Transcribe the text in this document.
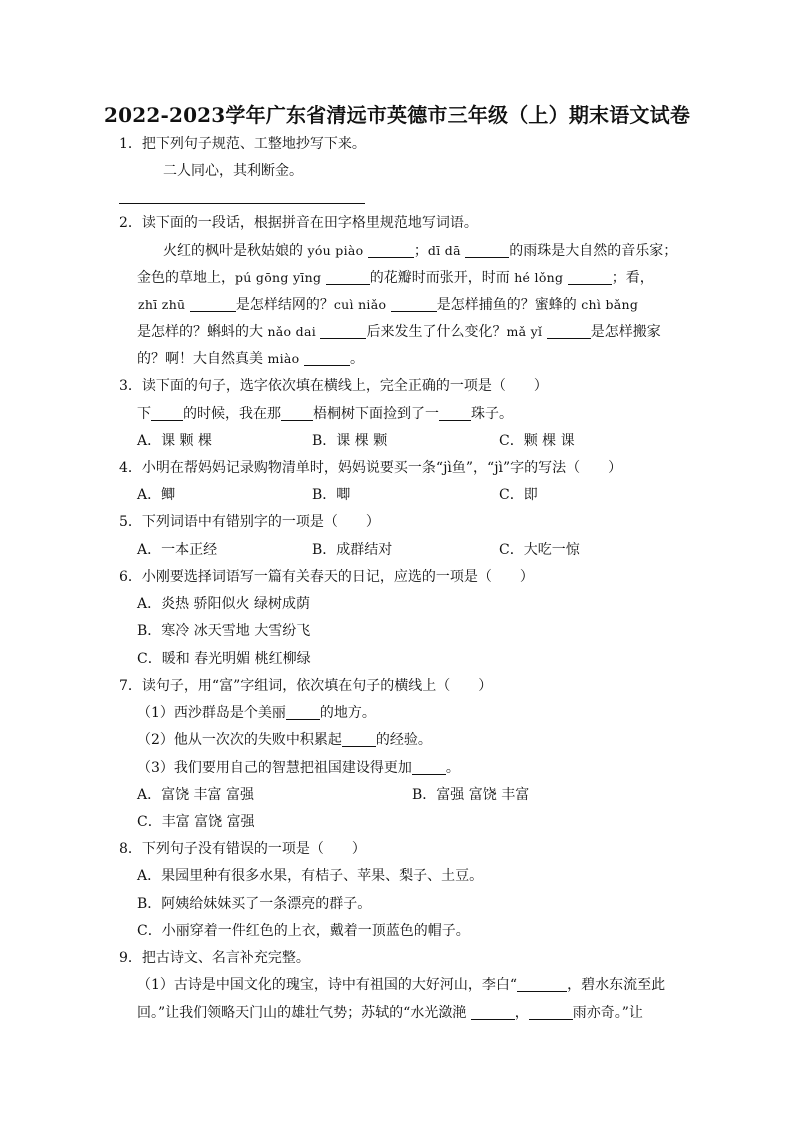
2022-2023学年广东省清远市英德市三年级（上）期末语文试卷
1．把下列句子规范、工整地抄写下来。
二人同心，其利断金。
2．读下面的一段话，根据拼音在田字格里规范地写词语。
火红的枫叶是秋姑娘的 yóu piào	；dī dā	的雨珠是大自然的音乐家；
金色的草地上，pú gōng yīng	的花瓣时而张开，时而 hé lǒng	；看，
zhī zhū	是怎样结网的？cuì niǎo	是怎样捕鱼的？蜜蜂的 chì bǎng
是怎样的？蝌蚪的大 nǎo dai	后来发生了什么变化？mǎ yǐ	是怎样搬家
的？啊！大自然真美 miào	。
3．读下面的句子，选字依次填在横线上，完全正确的一项是（　　）
下 的时候，我在那 梧桐树下面捡到了一 珠子。
A．课 颗 棵	B．课 棵 颗	C．颗 棵 课
4．小明在帮妈妈记录购物清单时，妈妈说要买一条“jì鱼”，“jì”字的写法（　　）
A．鲫	B．唧	C．即
5．下列词语中有错别字的一项是（　　）
A．一本正经	B．成群结对	C．大吃一惊
6．小刚要选择词语写一篇有关春天的日记，应选的一项是（　　）
A．炎热 骄阳似火 绿树成荫
B．寒冷 冰天雪地 大雪纷飞
C．暖和 春光明媚 桃红柳绿
7．读句子，用“富”字组词，依次填在句子的横线上（　　）
（1）西沙群岛是个美丽 的地方。
（2）他从一次次的失败中积累起 的经验。
（3）我们要用自己的智慧把祖国建设得更加 。
A．富饶 丰富 富强	B．富强 富饶 丰富
C．丰富 富饶 富强
8．下列句子没有错误的一项是（　　）
A．果园里种有很多水果，有桔子、苹果、梨子、土豆。
B．阿姨给妹妹买了一条漂亮的群子。
C．小丽穿着一件红色的上衣，戴着一顶蓝色的帽子。
9．把古诗文、名言补充完整。
（1）古诗是中国文化的瑰宝，诗中有祖国的大好河山，李白“	，碧水东流至此
回。”让我们领略天门山的雄壮气势；苏轼的“水光潋滟	，	雨亦奇。”让
